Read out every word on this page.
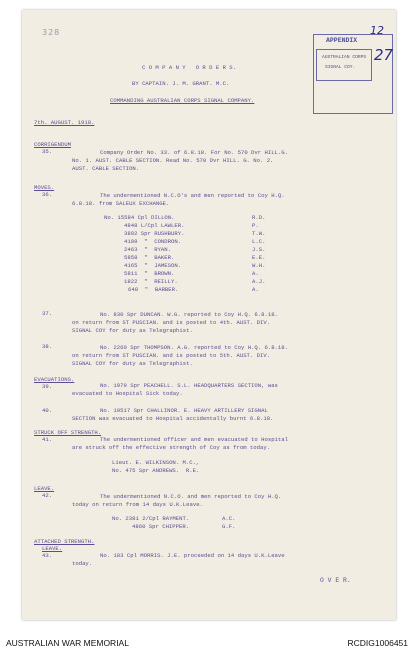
328
APPENDIX
AUSTRALIAN CORPS
SIGNAL COY.
12
27
C O M P A N Y   O R D E R S.
BY CAPTAIN. J. M. GRANT. M.C.
COMMANDING AUSTRALIAN CORPS SIGNAL COMPANY.
7th. AUGUST. 1918.
CORRIGENDUM
35.	Company Order No. 33. of 6.8.18. For No. 570 Dvr HILL.G.
No. 1. AUST. CABLE SECTION. Read No. 570 Dvr HILL. G. No. 2.
AUST. CABLE SECTION.
MOVES.
36.	The undermentioned N.C.O's and men reported to Coy H.Q.
6.8.18. from SALEUX EXCHANGE.
No. 15584 Cpl DILLON.	R.D.
4848 L/Cpl LAWLER.	P.
3892 Spr RUSHBURY.	T.W.
4109  "  CONDRON.	L.C.
2463  "  RYAN.	J.S.
5858  "  BAKER.	E.E.
4165  "  JAMESON.	W.H.
5811  "  BROWN.	A.
1822  "  REILLY.	A.J.
648  "  BARBER.	A.
37.	No. 830 Spr DUNCAN. W.G. reported to Coy H.Q. 6.8.18.
on return from ST PUSCIAN. and is posted to 4th. AUST. DIV.
SIGNAL COY for duty as Telegraphist.
38.	No. 2260 Spr THOMPSON. A.G. reported to Coy H.Q. 6.8.18.
on return from ST PUSCIAN. and is posted to 5th. AUST. DIV.
SIGNAL COY for duty as Telegraphist.
EVACUATIONS.
39.	No. 1979 Spr PEACHELL. S.L. HEADQUARTERS SECTION, was
evacuated to Hospital Sick today.
40.	No. 19517 Spr CHALLINOR. E. HEAVY ARTILLERY SIGNAL
SECTION was evacuated to Hospital accidentally burnt 6.8.18.
STRUCK OFF STRENGTH.
41.	The undermentioned officer and men evacuated to Hospital
are struck off the effective strength of Coy as from today.
Lieut. E. WILKINSON. M.C.,
No. 475 Spr ANDREWS.  R.E.
LEAVE.
42.	The undermentioned N.C.O. and men reported to Coy H.Q.
today on return from 14 days U.K.Leave.
No. 2381 2/Cpl RAYMENT.	A.C.
4860 Spr CHIPPER.	G.F.
ATTACHED STRENGTH.
LEAVE.
43.	No. 183 Cpl MORRIS. J.E. proceeded on 14 days U.K.Leave
today.
O V E R.
AUSTRALIAN WAR MEMORIAL	RCDIG1006451
